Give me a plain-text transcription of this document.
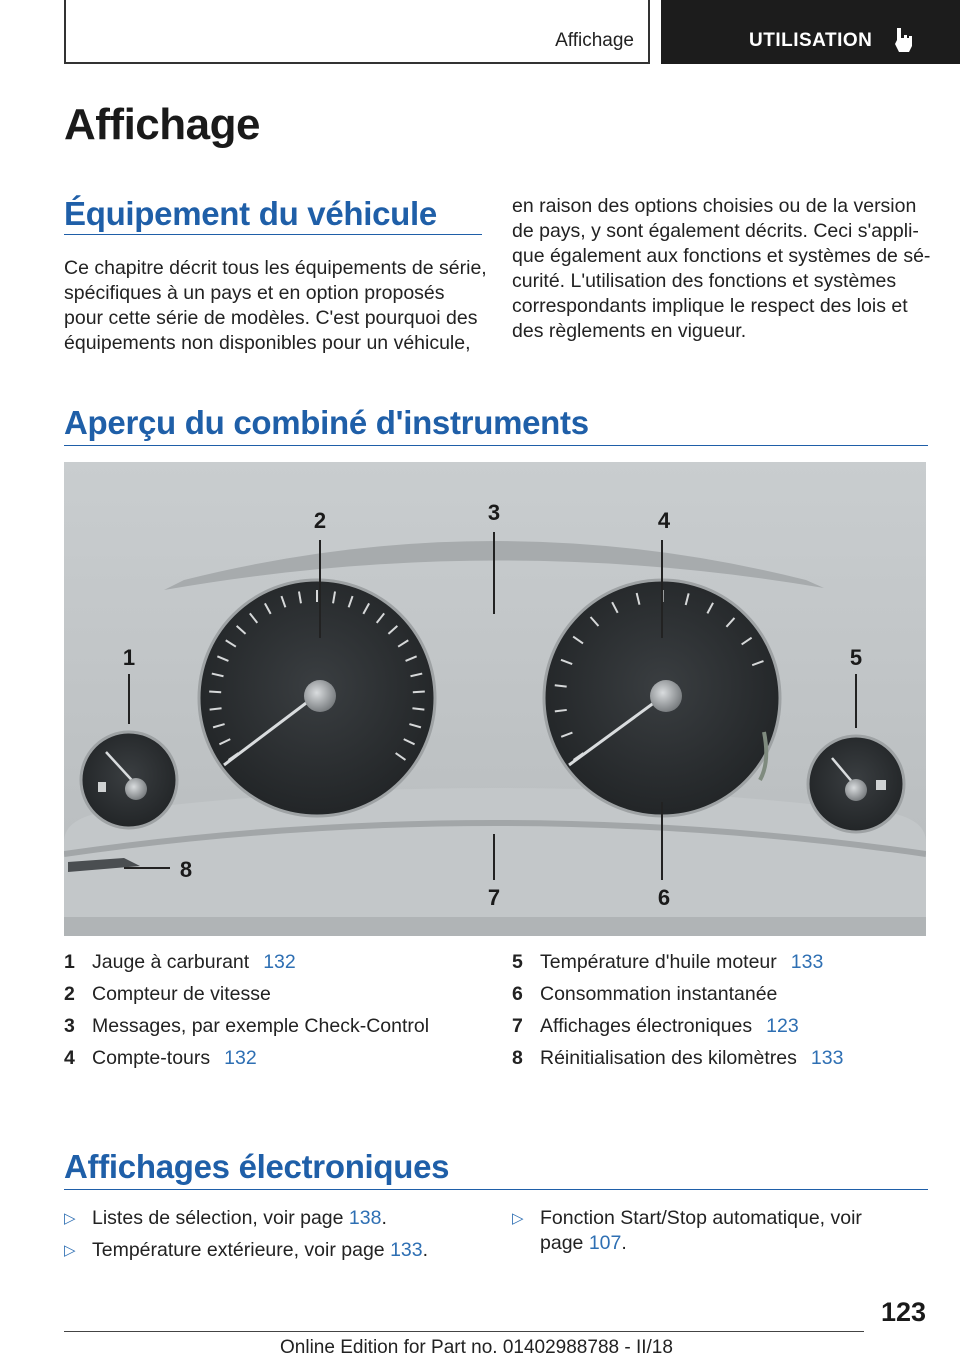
Affichage	UTILISATION
Affichage
Équipement du véhicule
Ce chapitre décrit tous les équipements de série,
spécifiques à un pays et en option proposés
pour cette série de modèles. C'est pourquoi des
équipements non disponibles pour un véhicule,
en raison des options choisies ou de la version
de pays, y sont également décrits. Ceci s'appli-
que également aux fonctions et systèmes de sé-
curité. L'utilisation des fonctions et systèmes
correspondants implique le respect des lois et
des règlements en vigueur.
Aperçu du combiné d'instruments
1
2	3	4
5
6
7
8
1 Jauge à carburant 132
2 Compteur de vitesse
3 Messages, par exemple Check-Control
4 Compte-tours 132
5 Température d'huile moteur 133
6 Consommation instantanée
7 Affichages électroniques 123
8 Réinitialisation des kilomètres 133
Affichages électroniques
▷ Listes de sélection, voir page 138.
▷ Température extérieure, voir page 133.
▷ Fonction Start/Stop automatique, voir
page 107.
123
Online Edition for Part no. 01402988788 - II/18
